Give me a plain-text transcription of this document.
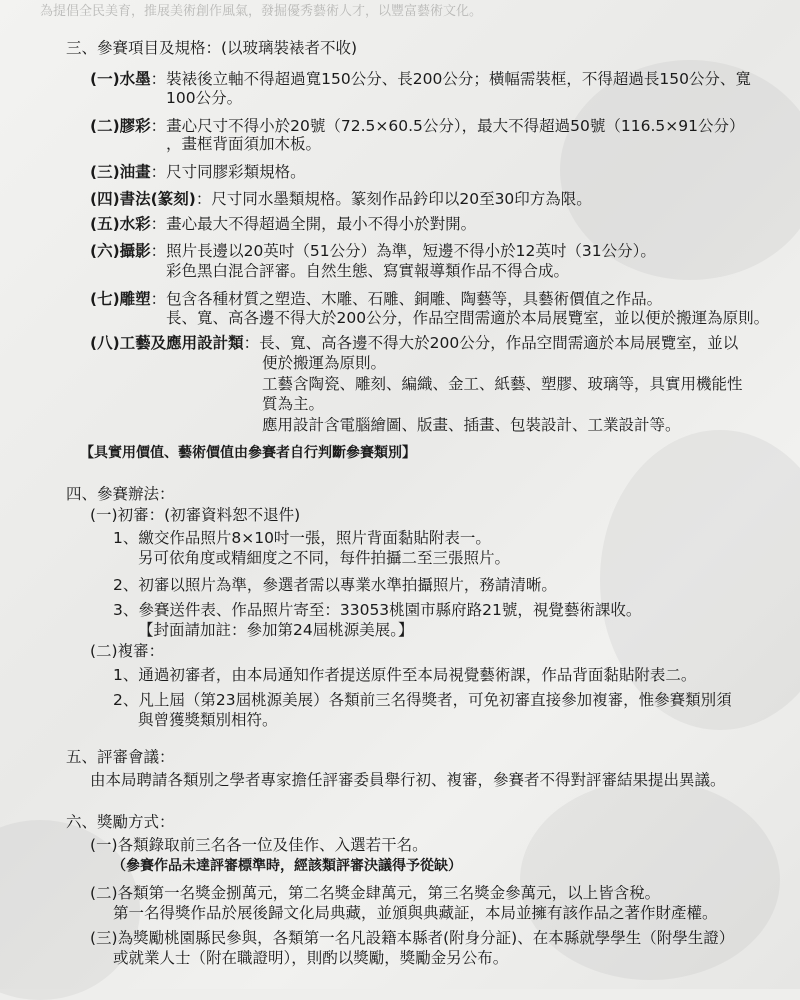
為提倡全民美育，推展美術創作風氣，發掘優秀藝術人才，以豐富藝術文化。
三、參賽項目及規格：(以玻璃裝裱者不收)
(一)水墨：裝裱後立軸不得超過寬150公分、長200公分；橫幅需裝框，不得超過長150公分、寬
100公分。
(二)膠彩：畫心尺寸不得小於20號（72.5×60.5公分），最大不得超過50號（116.5×91公分）
，畫框背面須加木板。
(三)油畫：尺寸同膠彩類規格。
(四)書法(篆刻)：尺寸同水墨類規格。篆刻作品鈐印以20至30印方為限。
(五)水彩：畫心最大不得超過全開，最小不得小於對開。
(六)攝影：照片長邊以20英吋（51公分）為準，短邊不得小於12英吋（31公分）。
彩色黑白混合評審。自然生態、寫實報導類作品不得合成。
(七)雕塑：包含各種材質之塑造、木雕、石雕、銅雕、陶藝等，具藝術價值之作品。
長、寬、高各邊不得大於200公分，作品空間需適於本局展覽室，並以便於搬運為原則。
(八)工藝及應用設計類：長、寬、高各邊不得大於200公分，作品空間需適於本局展覽室，並以
便於搬運為原則。
工藝含陶瓷、雕刻、編織、金工、紙藝、塑膠、玻璃等，具實用機能性
質為主。
應用設計含電腦繪圖、版畫、插畫、包裝設計、工業設計等。
【具實用價值、藝術價值由參賽者自行判斷參賽類別】
四、參賽辦法：
(一)初審：(初審資料恕不退件)
1、繳交作品照片8×10吋一張，照片背面黏貼附表一。
另可依角度或精細度之不同，每件拍攝二至三張照片。
2、初審以照片為準，參選者需以專業水準拍攝照片，務請清晰。
3、參賽送件表、作品照片寄至：33053桃園市縣府路21號，視覺藝術課收。
【封面請加註：參加第24屆桃源美展。】
(二)複審：
1、通過初審者，由本局通知作者提送原件至本局視覺藝術課，作品背面黏貼附表二。
2、凡上屆（第23屆桃源美展）各類前三名得獎者，可免初審直接參加複審，惟參賽類別須
與曾獲獎類別相符。
五、評審會議：
由本局聘請各類別之學者專家擔任評審委員舉行初、複審，參賽者不得對評審結果提出異議。
六、獎勵方式：
(一)各類錄取前三名各一位及佳作、入選若干名。
（參賽作品未達評審標準時，經該類評審決議得予從缺）
(二)各類第一名獎金捌萬元，第二名獎金肆萬元，第三名獎金參萬元，以上皆含稅。
第一名得獎作品於展後歸文化局典藏，並頒與典藏証，本局並擁有該作品之著作財產權。
(三)為獎勵桃園縣民參與，各類第一名凡設籍本縣者(附身分証)、在本縣就學學生（附學生證）
或就業人士（附在職證明），則酌以獎勵，獎勵金另公布。
